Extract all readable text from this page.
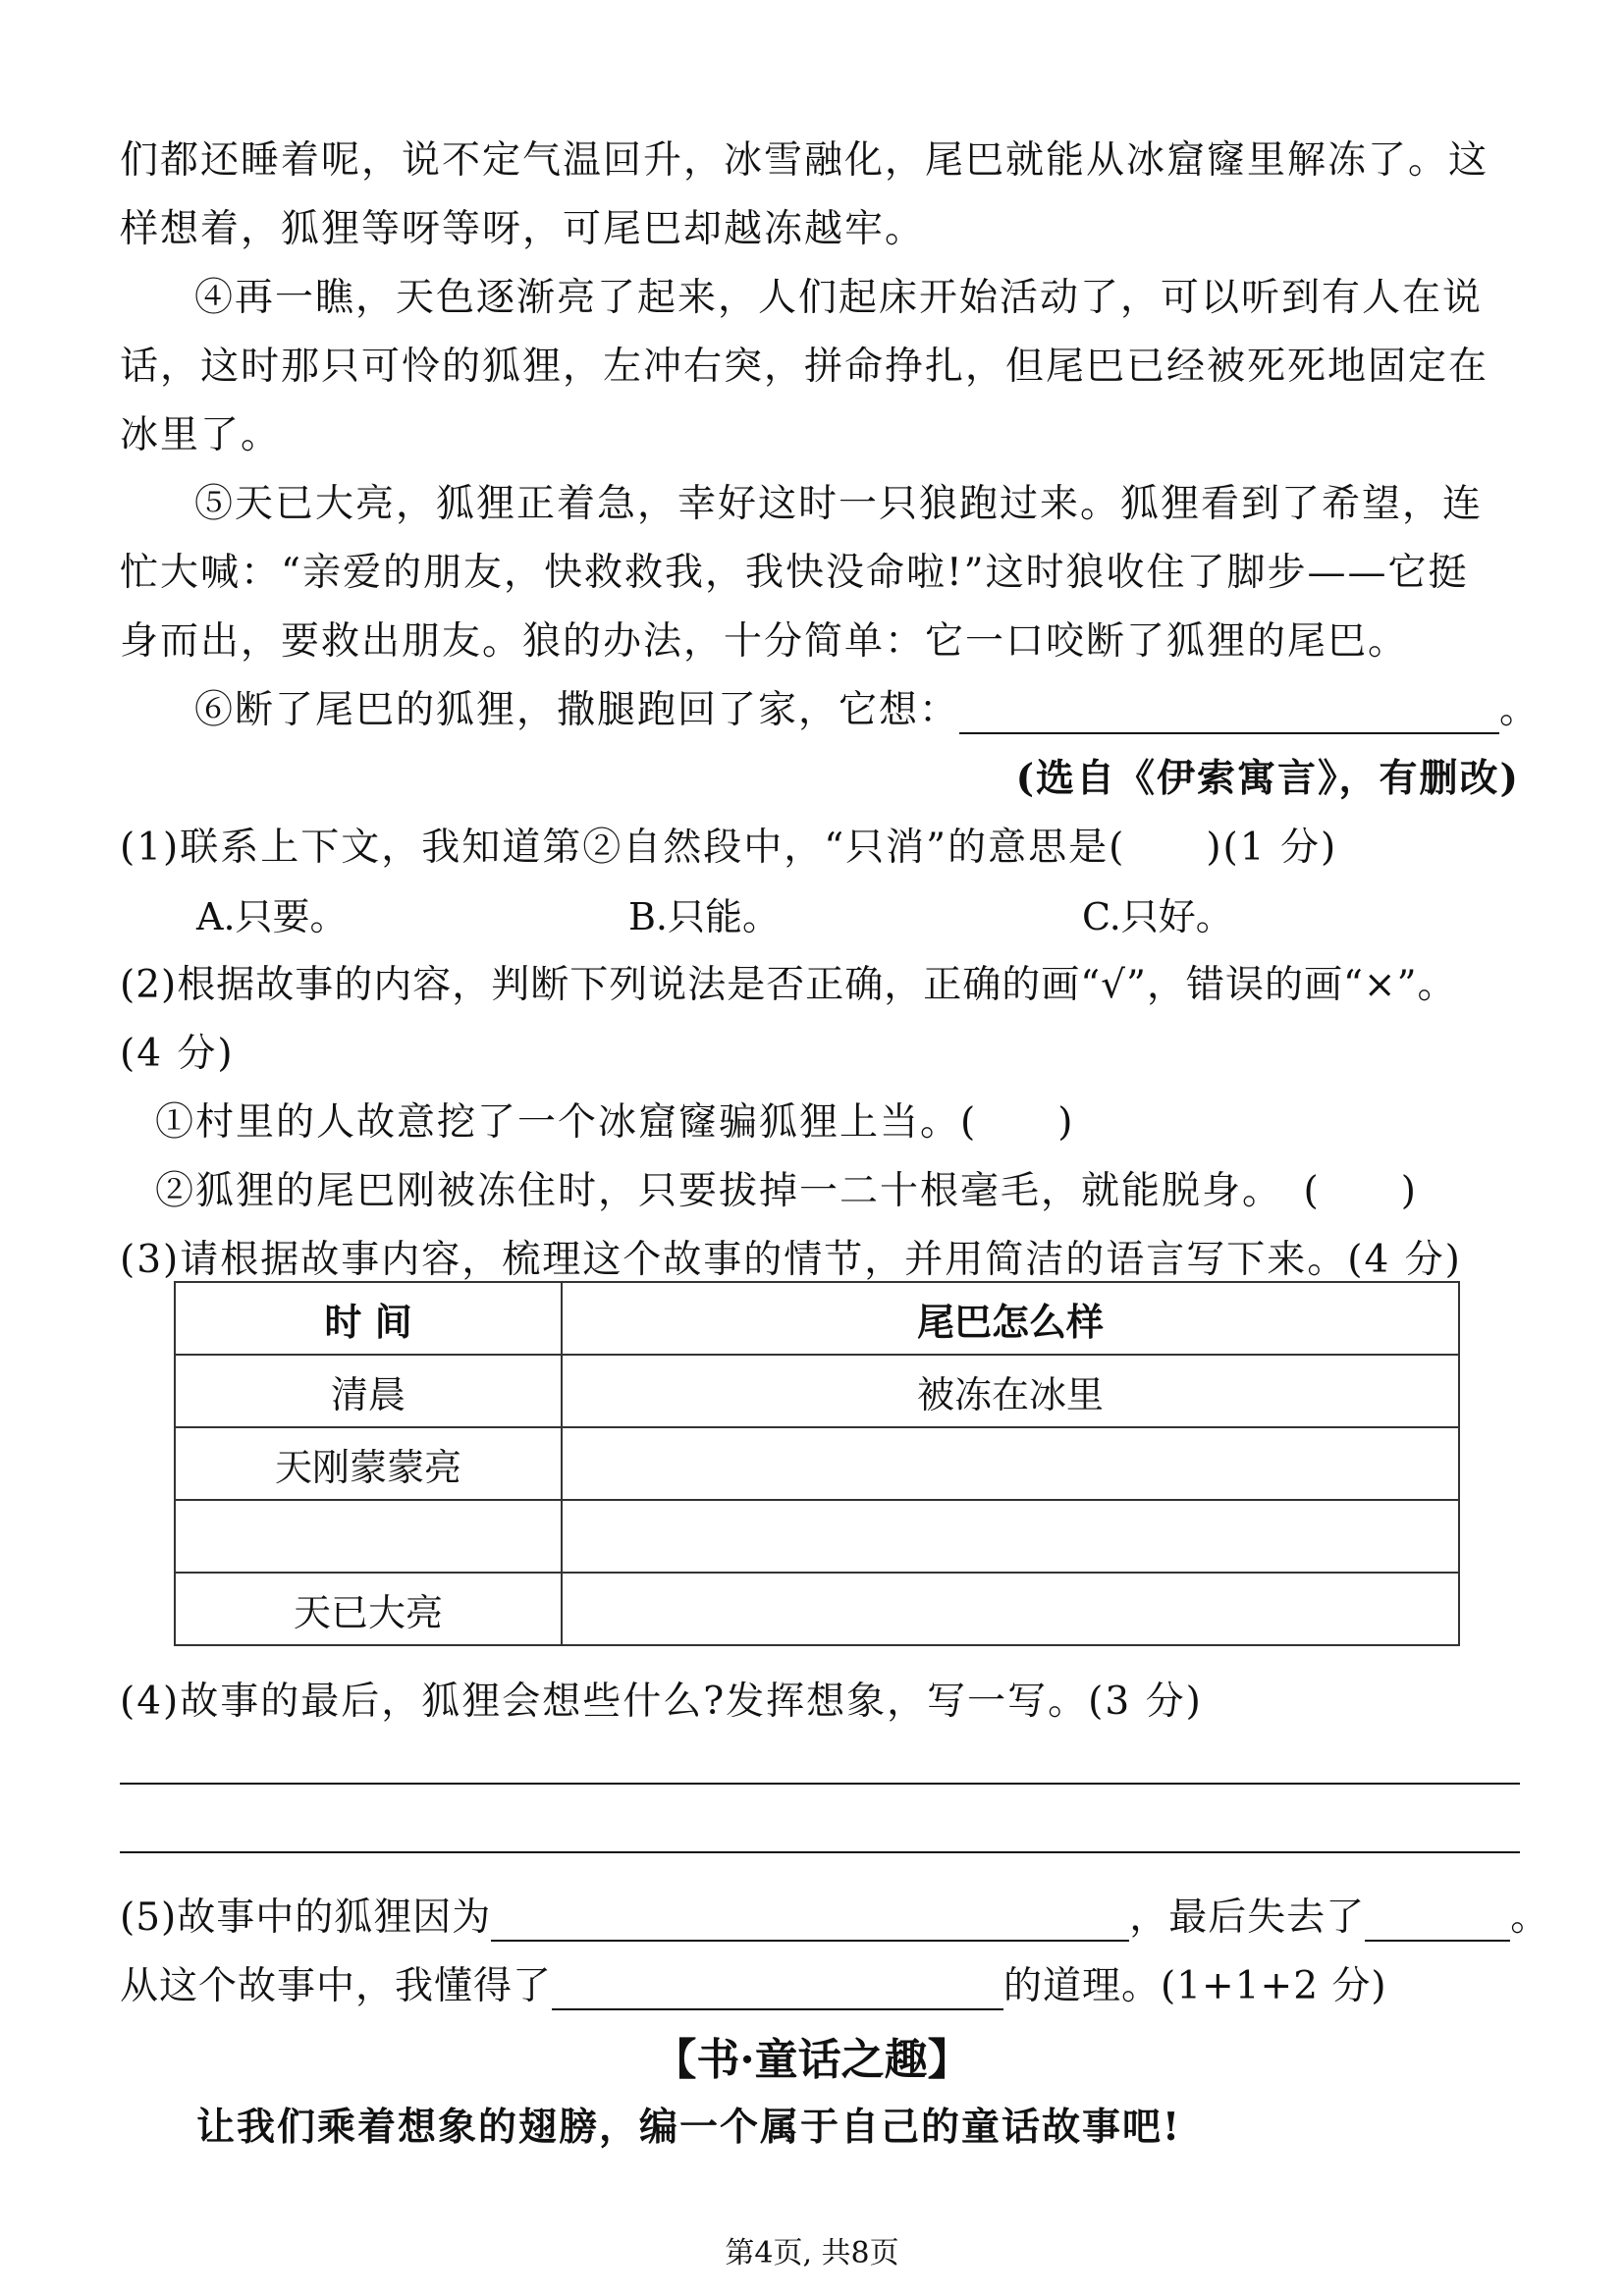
们都还睡着呢，说不定气温回升，冰雪融化，尾巴就能从冰窟窿里解冻了。这
样想着，狐狸等呀等呀，可尾巴却越冻越牢。
④再一瞧，天色逐渐亮了起来，人们起床开始活动了，可以听到有人在说
话，这时那只可怜的狐狸，左冲右突，拼命挣扎，但尾巴已经被死死地固定在
冰里了。
⑤天已大亮，狐狸正着急，幸好这时一只狼跑过来。狐狸看到了希望，连
忙大喊：“亲爱的朋友，快救救我，我快没命啦!”这时狼收住了脚步——它挺
身而出，要救出朋友。狼的办法，十分简单：它一口咬断了狐狸的尾巴。
⑥断了尾巴的狐狸，撒腿跑回了家，它想：	。
(选自《伊索寓言》，有删改)
(1)联系上下文，我知道第②自然段中，“只消”的意思是(　　)(1 分)
A.只要。	B.只能。	C.只好。
(2)根据故事的内容，判断下列说法是否正确，正确的画“√”，错误的画“×”。
(4 分)
①村里的人故意挖了一个冰窟窿骗狐狸上当。(　　)
②狐狸的尾巴刚被冻住时，只要拔掉一二十根毫毛，就能脱身。　(　　)
(3)请根据故事内容，梳理这个故事的情节，并用简洁的语言写下来。(4 分)
时 间	尾巴怎么样
清晨	被冻在冰里
天刚蒙蒙亮	

天已大亮	
(4)故事的最后，狐狸会想些什么?发挥想象，写一写。(3 分)
(5)故事中的狐狸因为	，最后失去了	。
从这个故事中，我懂得了	的道理。(1+1+2 分)
【书·童话之趣】
让我们乘着想象的翅膀，编一个属于自己的童话故事吧!
第4页, 共8页
